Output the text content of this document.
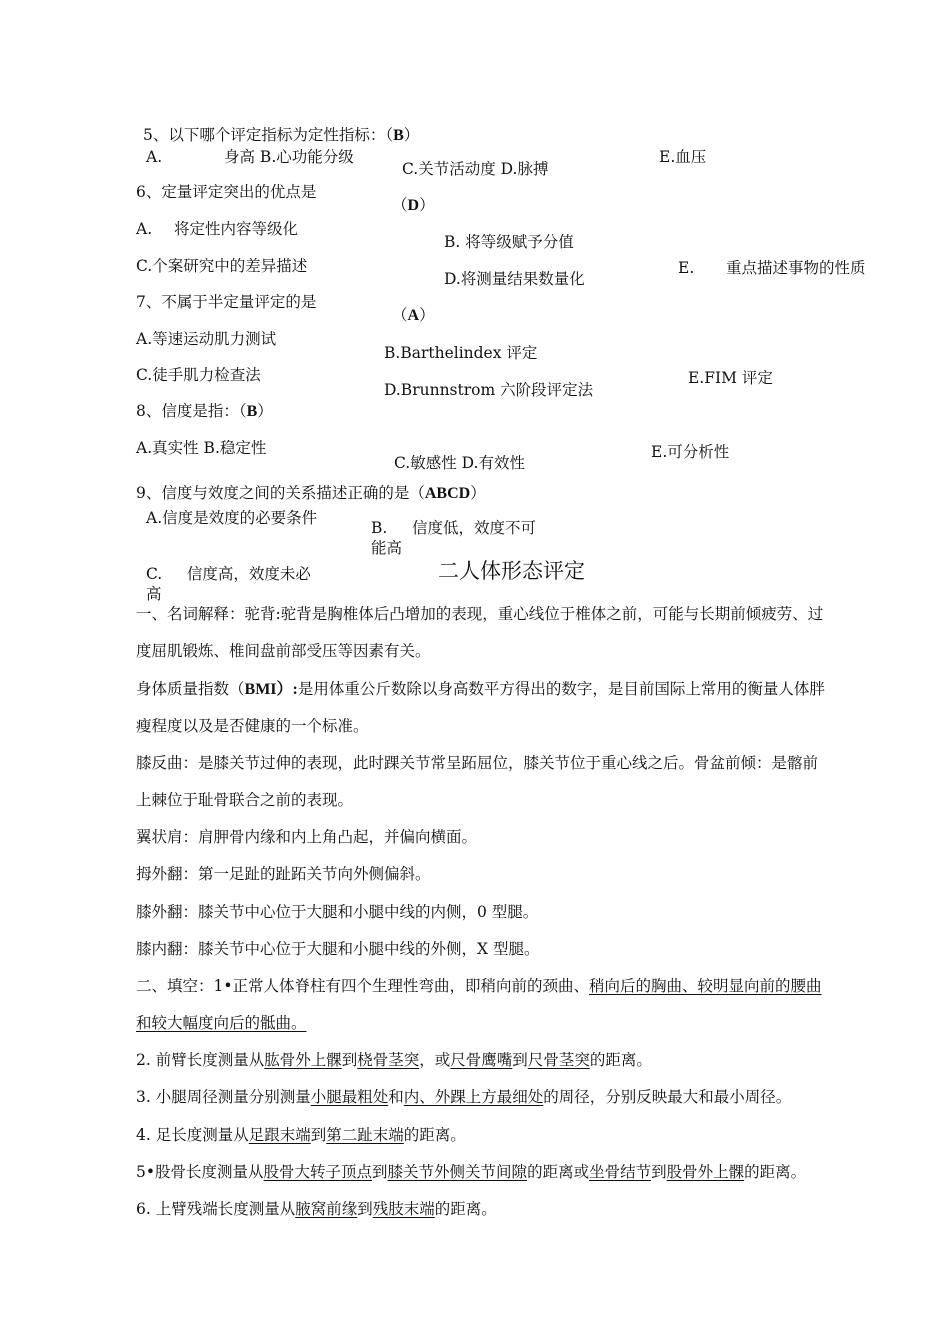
5、以下哪个评定指标为定性指标：（B）
A.	身高 B.心功能分级
C.关节活动度 D.脉搏
E.血压
6、定量评定突出的优点是
（D）
A. 将定性内容等级化
B. 将等级赋予分值
C.个案研究中的差异描述
D.将测量结果数量化
E. 重点描述事物的性质
7、不属于半定量评定的是
（A）
A.等速运动肌力测试
B.Barthelindex 评定
C.徒手肌力检查法
D.Brunnstrom 六阶段评定法
E.FIM 评定
8、信度是指：（B）
A.真实性 B.稳定性
C.敏感性 D.有效性
E.可分析性
9、信度与效度之间的关系描述正确的是（ABCD）
A.信度是效度的必要条件
B. 信度低，效度不可能高
C. 信度高，效度未必高
二人体形态评定
一、名词解释：驼背:驼背是胸椎体后凸增加的表现，重心线位于椎体之前，可能与长期前倾疲劳、过
度屈肌锻炼、椎间盘前部受压等因素有关。
身体质量指数（BMI）:是用体重公斤数除以身高数平方得出的数字，是目前国际上常用的衡量人体胖
瘦程度以及是否健康的一个标准。
膝反曲：是膝关节过伸的表现，此时踝关节常呈跖屈位，膝关节位于重心线之后。骨盆前倾：是髂前
上棘位于耻骨联合之前的表现。
翼状肩：肩胛骨内缘和内上角凸起，并偏向横面。
拇外翻：第一足趾的趾跖关节向外侧偏斜。
膝外翻：膝关节中心位于大腿和小腿中线的内侧，0 型腿。
膝内翻：膝关节中心位于大腿和小腿中线的外侧，X 型腿。
二、填空：1•正常人体脊柱有四个生理性弯曲，即稍向前的颈曲、稍向后的胸曲、较明显向前的腰曲
和较大幅度向后的骶曲。
2. 前臂长度测量从肱骨外上髁到桡骨茎突，或尺骨鹰嘴到尺骨茎突的距离。
3. 小腿周径测量分别测量小腿最粗处和内、外踝上方最细处的周径，分别反映最大和最小周径。
4. 足长度测量从足跟末端到第二趾末端的距离。
5•股骨长度测量从股骨大转子顶点到膝关节外侧关节间隙的距离或坐骨结节到股骨外上髁的距离。
6. 上臂残端长度测量从腋窝前缘到残肢末端的距离。
